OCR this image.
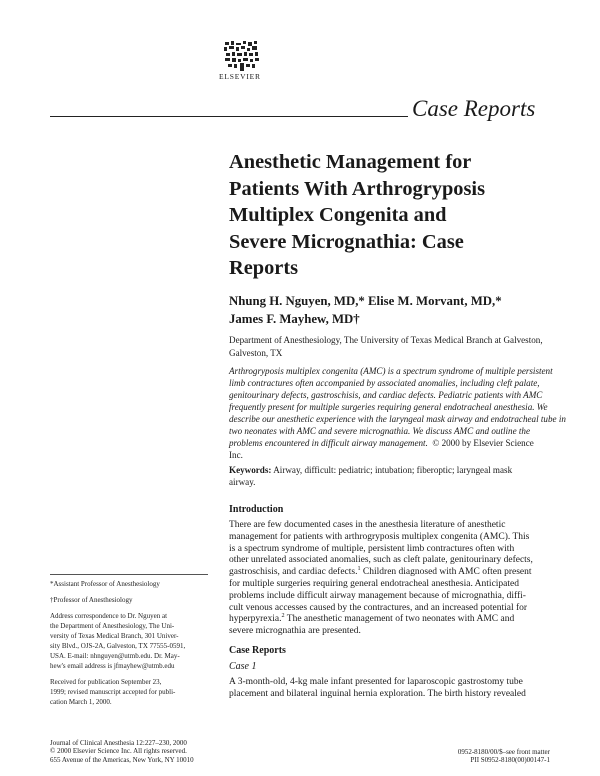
ELSEVIER
Case Reports
Anesthetic Management for
Patients With Arthrogryposis
Multiplex Congenita and
Severe Micrognathia: Case
Reports
Nhung H. Nguyen, MD,* Elise M. Morvant, MD,*
James F. Mayhew, MD†
Department of Anesthesiology, The University of Texas Medical Branch at Galveston,
Galveston, TX
Arthrogryposis multiplex congenita (AMC) is a spectrum syndrome of multiple persistent
limb contractures often accompanied by associated anomalies, including cleft palate,
genitourinary defects, gastroschisis, and cardiac defects. Pediatric patients with AMC
frequently present for multiple surgeries requiring general endotracheal anesthesia. We
describe our anesthetic experience with the laryngeal mask airway and endotracheal tube in
two neonates with AMC and severe micrognathia. We discuss AMC and outline the
problems encountered in difficult airway management. © 2000 by Elsevier Science
Inc.
Keywords: Airway, difficult: pediatric; intubation; fiberoptic; laryngeal mask
airway.
Introduction
There are few documented cases in the anesthesia literature of anesthetic
management for patients with arthrogryposis multiplex congenita (AMC). This
is a spectrum syndrome of multiple, persistent limb contractures often with
other unrelated associated anomalies, such as cleft palate, genitourinary defects,
gastroschisis, and cardiac defects.$^1$ Children diagnosed with AMC often present
for multiple surgeries requiring general endotracheal anesthesia. Anticipated
problems include difficult airway management because of micrognathia, diffi-
cult venous accesses caused by the contractures, and an increased potential for
hyperpyrexia.$^2$ The anesthetic management of two neonates with AMC and
severe micrognathia are presented.
Case Reports
Case 1
A 3-month-old, 4-kg male infant presented for laparoscopic gastrostomy tube
placement and bilateral inguinal hernia exploration. The birth history revealed
*Assistant Professor of Anesthesiology
†Professor of Anesthesiology
Address correspondence to Dr. Nguyen at
the Department of Anesthesiology, The Uni-
versity of Texas Medical Branch, 301 Univer-
sity Blvd., OJS-2A, Galveston, TX 77555-0591,
USA. E-mail: nhnguyen@utmb.edu. Dr. May-
hew's email address is jfmayhew@utmb.edu
Received for publication September 23,
1999; revised manuscript accepted for publi-
cation March 1, 2000.
Journal of Clinical Anesthesia 12:227–230, 2000
© 2000 Elsevier Science Inc. All rights reserved.
655 Avenue of the Americas, New York, NY 10010
0952-8180/00/$–see front matter
PII S0952-8180(00)00147-1
